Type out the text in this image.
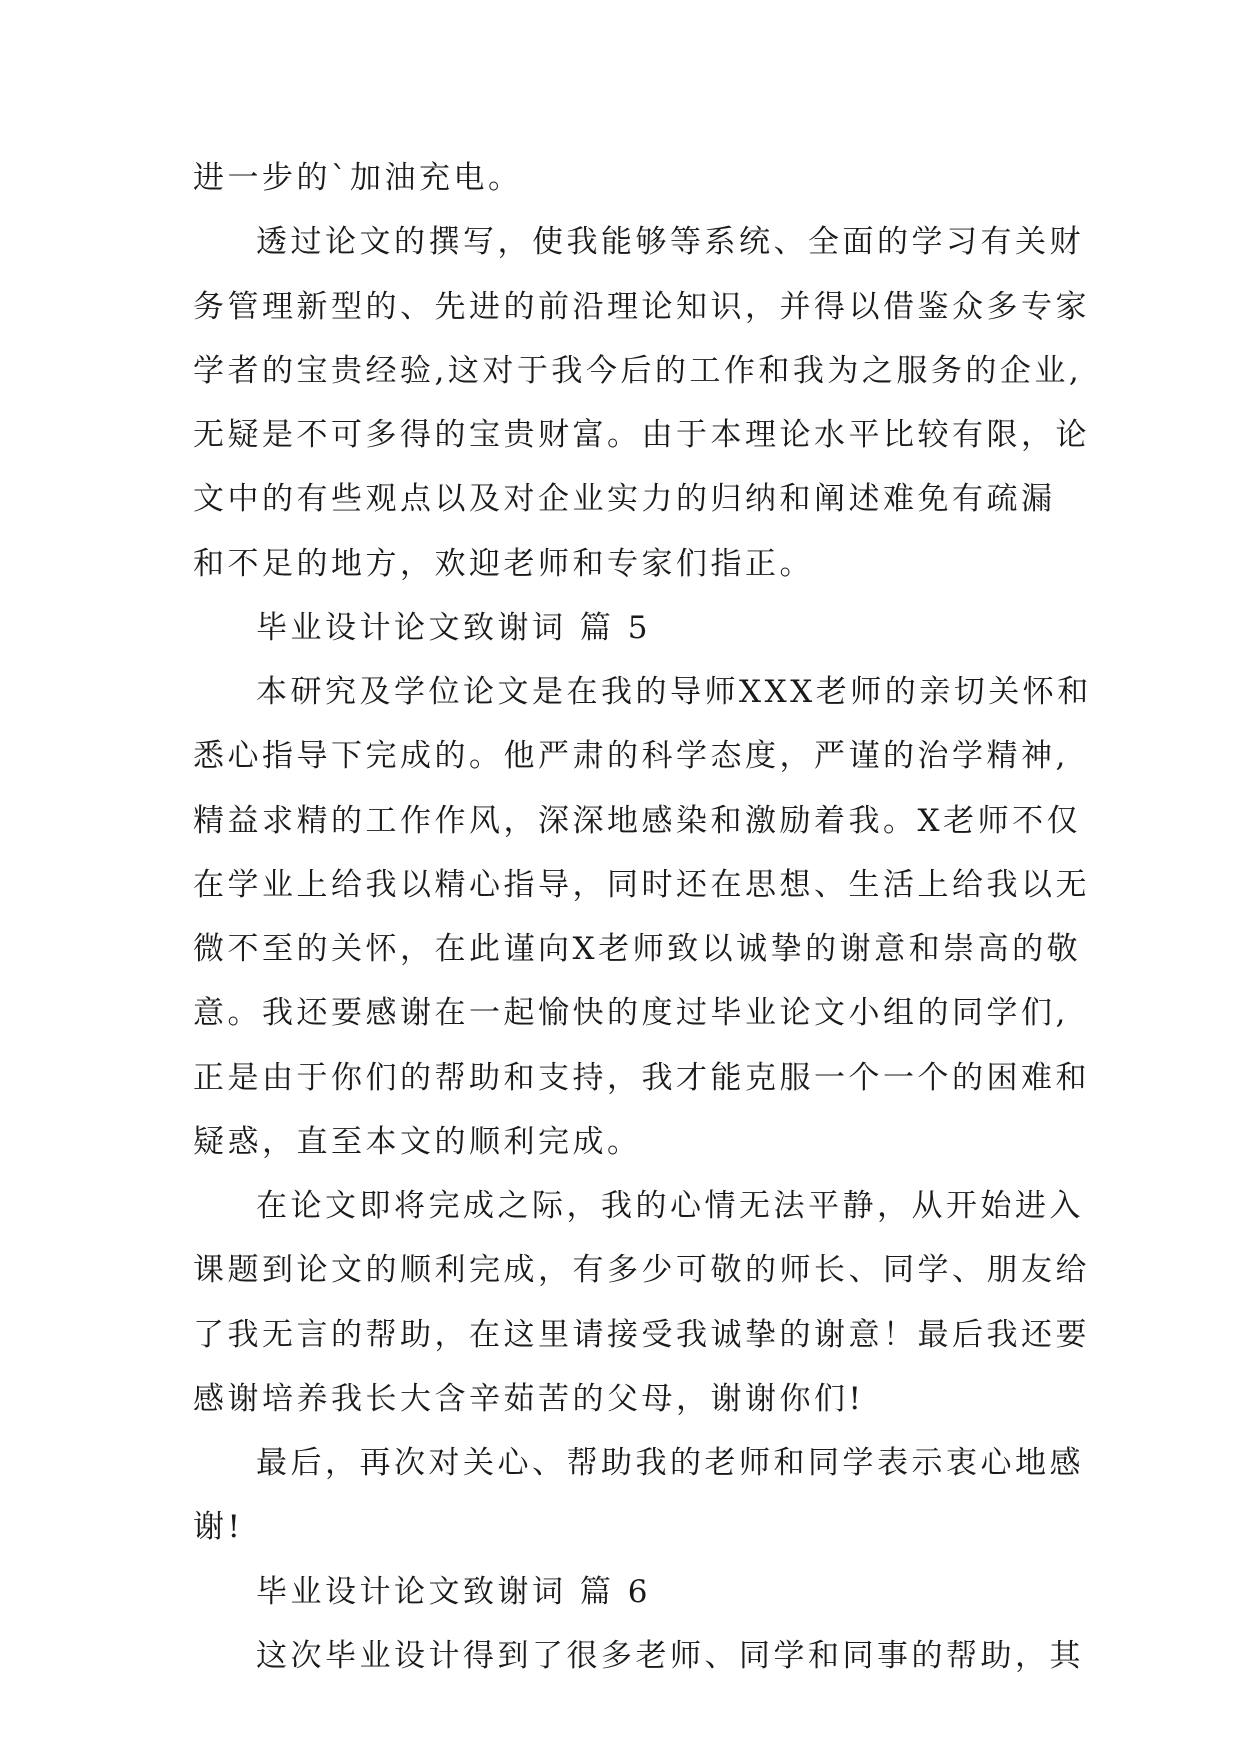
进一步的`加油充电。
透过论文的撰写，使我能够等系统、全面的学习有关财
务管理新型的、先进的前沿理论知识，并得以借鉴众多专家
学者的宝贵经验,这对于我今后的工作和我为之服务的企业,
无疑是不可多得的宝贵财富。由于本理论水平比较有限，论
文中的有些观点以及对企业实力的归纳和阐述难免有疏漏
和不足的地方，欢迎老师和专家们指正。
毕业设计论文致谢词 篇 5
本研究及学位论文是在我的导师XXX老师的亲切关怀和
悉心指导下完成的。他严肃的科学态度，严谨的治学精神,
精益求精的工作作风，深深地感染和激励着我。X老师不仅
在学业上给我以精心指导，同时还在思想、生活上给我以无
微不至的关怀，在此谨向X老师致以诚挚的谢意和崇高的敬
意。我还要感谢在一起愉快的度过毕业论文小组的同学们,
正是由于你们的帮助和支持，我才能克服一个一个的困难和
疑惑，直至本文的顺利完成。
在论文即将完成之际，我的心情无法平静，从开始进入
课题到论文的顺利完成，有多少可敬的师长、同学、朋友给
了我无言的帮助，在这里请接受我诚挚的谢意！最后我还要
感谢培养我长大含辛茹苦的父母，谢谢你们!
最后，再次对关心、帮助我的老师和同学表示衷心地感
谢!
毕业设计论文致谢词 篇 6
这次毕业设计得到了很多老师、同学和同事的帮助，其
